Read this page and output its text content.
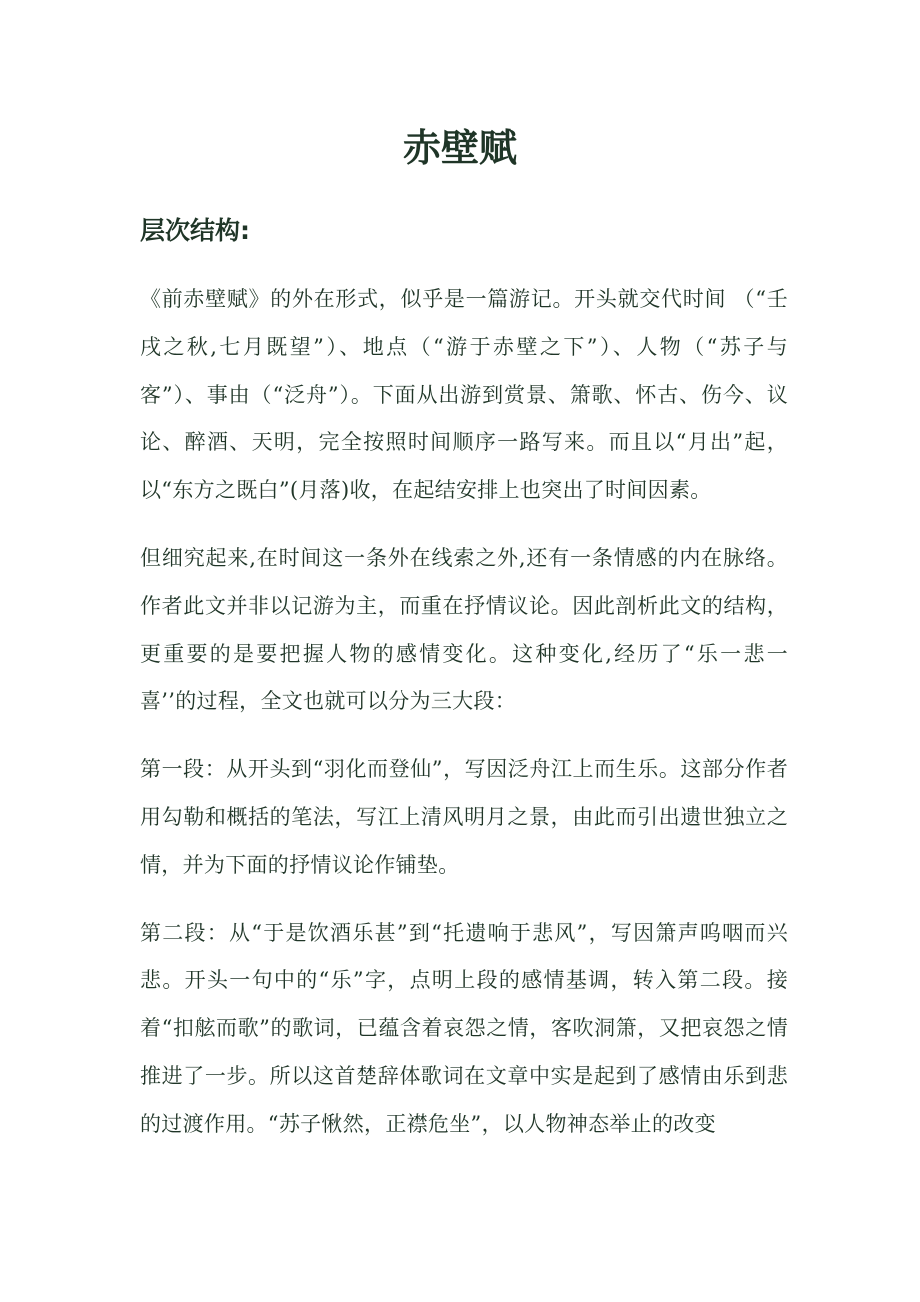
赤壁赋
层次结构:

《前赤壁赋》的外在形式，似乎是一篇游记。开头就交代时间 （“壬戌之秋,七月既望”）、地点（“游于赤壁之下”）、人物（“苏子与客”）、事由（“泛舟”）。下面从出游到赏景、箫歌、怀古、伤今、议论、醉酒、天明，完全按照时间顺序一路写来。而且以“月出”起，以“东方之既白”(月落)收，在起结安排上也突出了时间因素。

但细究起来,在时间这一条外在线索之外,还有一条情感的内在脉络。作者此文并非以记游为主，而重在抒情议论。因此剖析此文的结构，更重要的是要把握人物的感情变化。这种变化,经历了“乐一悲一喜’’的过程，全文也就可以分为三大段：

第一段：从开头到“羽化而登仙”，写因泛舟江上而生乐。这部分作者用勾勒和概括的笔法，写江上清风明月之景，由此而引出遗世独立之情，并为下面的抒情议论作铺垫。

第二段：从“于是饮酒乐甚”到“托遗响于悲风”，写因箫声呜咽而兴悲。开头一句中的“乐”字，点明上段的感情基调，转入第二段。接着“扣舷而歌”的歌词，已蕴含着哀怨之情，客吹洞箫，又把哀怨之情推进了一步。所以这首楚辞体歌词在文章中实是起到了感情由乐到悲的过渡作用。“苏子愀然，正襟危坐”，以人物神态举止的改变
